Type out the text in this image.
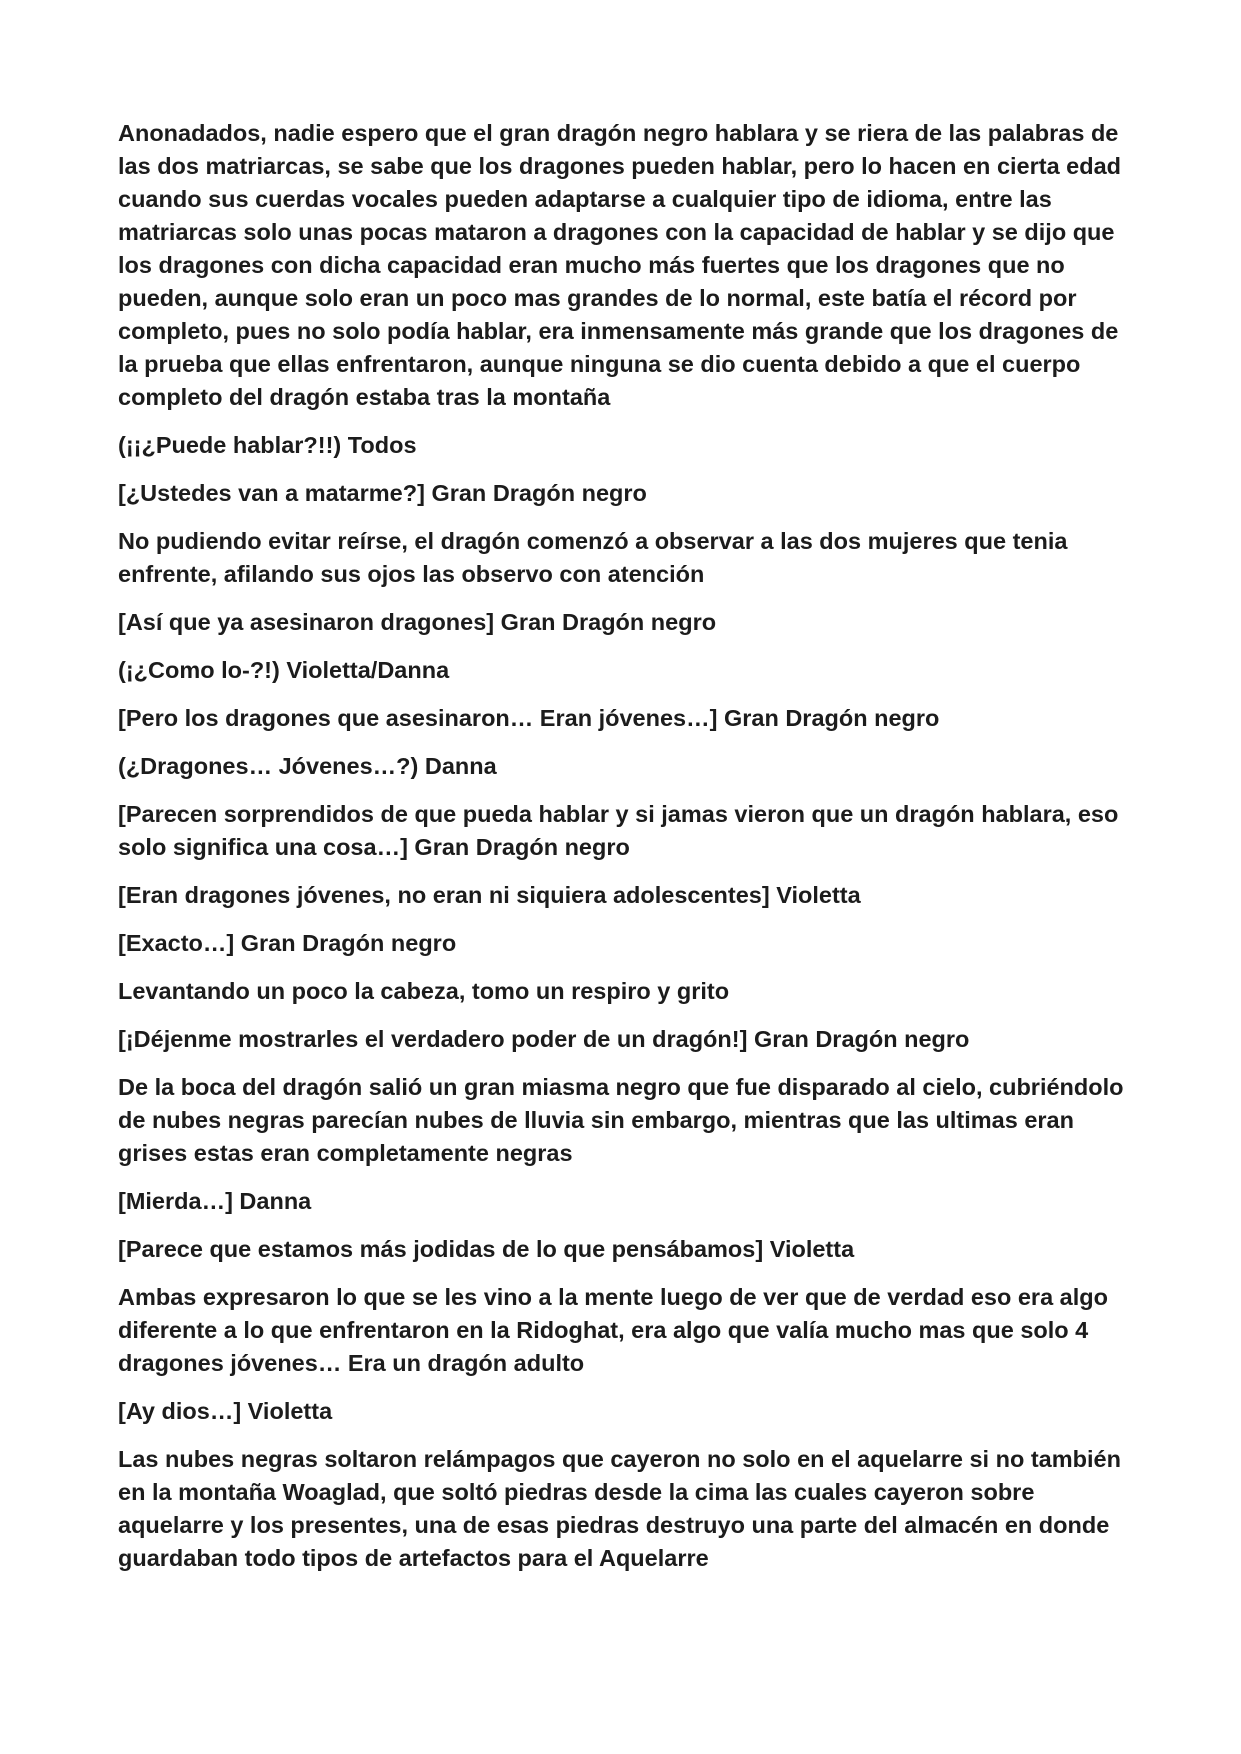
Anonadados, nadie espero que el gran dragón negro hablara y se riera de las palabras de las dos matriarcas, se sabe que los dragones pueden hablar, pero lo hacen en cierta edad cuando sus cuerdas vocales pueden adaptarse a cualquier tipo de idioma, entre las matriarcas solo unas pocas mataron a dragones con la capacidad de hablar y se dijo que los dragones con dicha capacidad eran mucho más fuertes que los dragones que no pueden, aunque solo eran un poco mas grandes de lo normal, este batía el récord por completo, pues no solo podía hablar, era inmensamente más grande que los dragones de la prueba que ellas enfrentaron, aunque ninguna se dio cuenta debido a que el cuerpo completo del dragón estaba tras la montaña

(¡¡¿Puede hablar?!!) Todos

[¿Ustedes van a matarme?] Gran Dragón negro

No pudiendo evitar reírse, el dragón comenzó a observar a las dos mujeres que tenia enfrente, afilando sus ojos las observo con atención

[Así que ya asesinaron dragones] Gran Dragón negro

(¡¿Como lo-?!) Violetta/Danna

[Pero los dragones que asesinaron… Eran jóvenes…] Gran Dragón negro

(¿Dragones… Jóvenes…?) Danna

[Parecen sorprendidos de que pueda hablar y si jamas vieron que un dragón hablara, eso solo significa una cosa…] Gran Dragón negro

[Eran dragones jóvenes, no eran ni siquiera adolescentes] Violetta

[Exacto…] Gran Dragón negro

Levantando un poco la cabeza, tomo un respiro y grito

[¡Déjenme mostrarles el verdadero poder de un dragón!] Gran Dragón negro

De la boca del dragón salió un gran miasma negro que fue disparado al cielo, cubriéndolo de nubes negras parecían nubes de lluvia sin embargo, mientras que las ultimas eran grises estas eran completamente negras

[Mierda…] Danna

[Parece que estamos más jodidas de lo que pensábamos] Violetta

Ambas expresaron lo que se les vino a la mente luego de ver que de verdad eso era algo diferente a lo que enfrentaron en la Ridoghat, era algo que valía mucho mas que solo 4 dragones jóvenes… Era un dragón adulto

[Ay dios…] Violetta

Las nubes negras soltaron relámpagos que cayeron no solo en el aquelarre si no también en la montaña Woaglad, que soltó piedras desde la cima las cuales cayeron sobre aquelarre y los presentes, una de esas piedras destruyo una parte del almacén en donde guardaban todo tipos de artefactos para el Aquelarre
